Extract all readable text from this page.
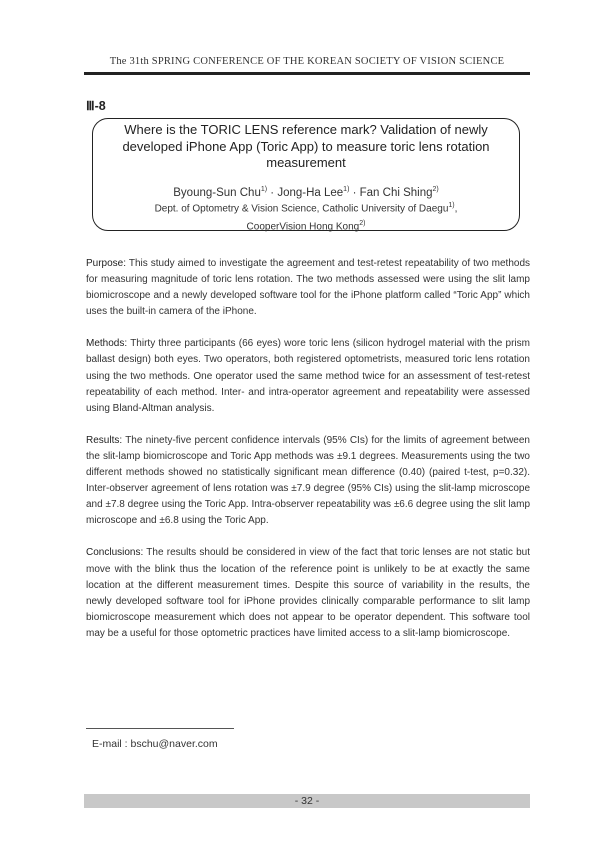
The 31th SPRING CONFERENCE OF THE KOREAN SOCIETY OF VISION SCIENCE
Ⅲ-8
Where is the TORIC LENS reference mark? Validation of newly developed iPhone App (Toric App) to measure toric lens rotation measurement
Byoung-Sun Chu$^{1)}$ · Jong-Ha Lee$^{1)}$ · Fan Chi Shing$^{2)}$
Dept. of Optometry & Vision Science, Catholic University of Daegu$^{1)}$,
CooperVision Hong Kong$^{2)}$

Purpose: This study aimed to investigate the agreement and test-retest repeatability of two methods for measuring magnitude of toric lens rotation. The two methods assessed were using the slit lamp biomicroscope and a newly developed software tool for the iPhone platform called “Toric App” which uses the built-in camera of the iPhone.

Methods: Thirty three participants (66 eyes) wore toric lens (silicon hydrogel material with the prism ballast design) both eyes. Two operators, both registered optometrists, measured toric lens rotation using the two methods. One operator used the same method twice for an assessment of test-retest repeatability of each method. Inter- and intra-operator agreement and repeatability were assessed using Bland-Altman analysis.

Results: The ninety-five percent confidence intervals (95% CIs) for the limits of agreement between the slit-lamp biomicroscope and Toric App methods was ±9.1 degrees. Measurements using the two different methods showed no statistically significant mean difference (0.40) (paired t-test, p=0.32). Inter-observer agreement of lens rotation was ±7.9 degree (95% CIs) using the slit-lamp microscope and ±7.8 degree using the Toric App. Intra-observer repeatability was ±6.6 degree using the slit lamp microscope and ±6.8 using the Toric App.

Conclusions: The results should be considered in view of the fact that toric lenses are not static but move with the blink thus the location of the reference point is unlikely to be at exactly the same location at the different measurement times. Despite this source of variability in the results, the newly developed software tool for iPhone provides clinically comparable performance to slit lamp biomicroscope measurement which does not appear to be operator dependent. This software tool may be a useful for those optometric practices have limited access to a slit-lamp biomicroscope.

E-mail : bschu@naver.com
- 32 -
